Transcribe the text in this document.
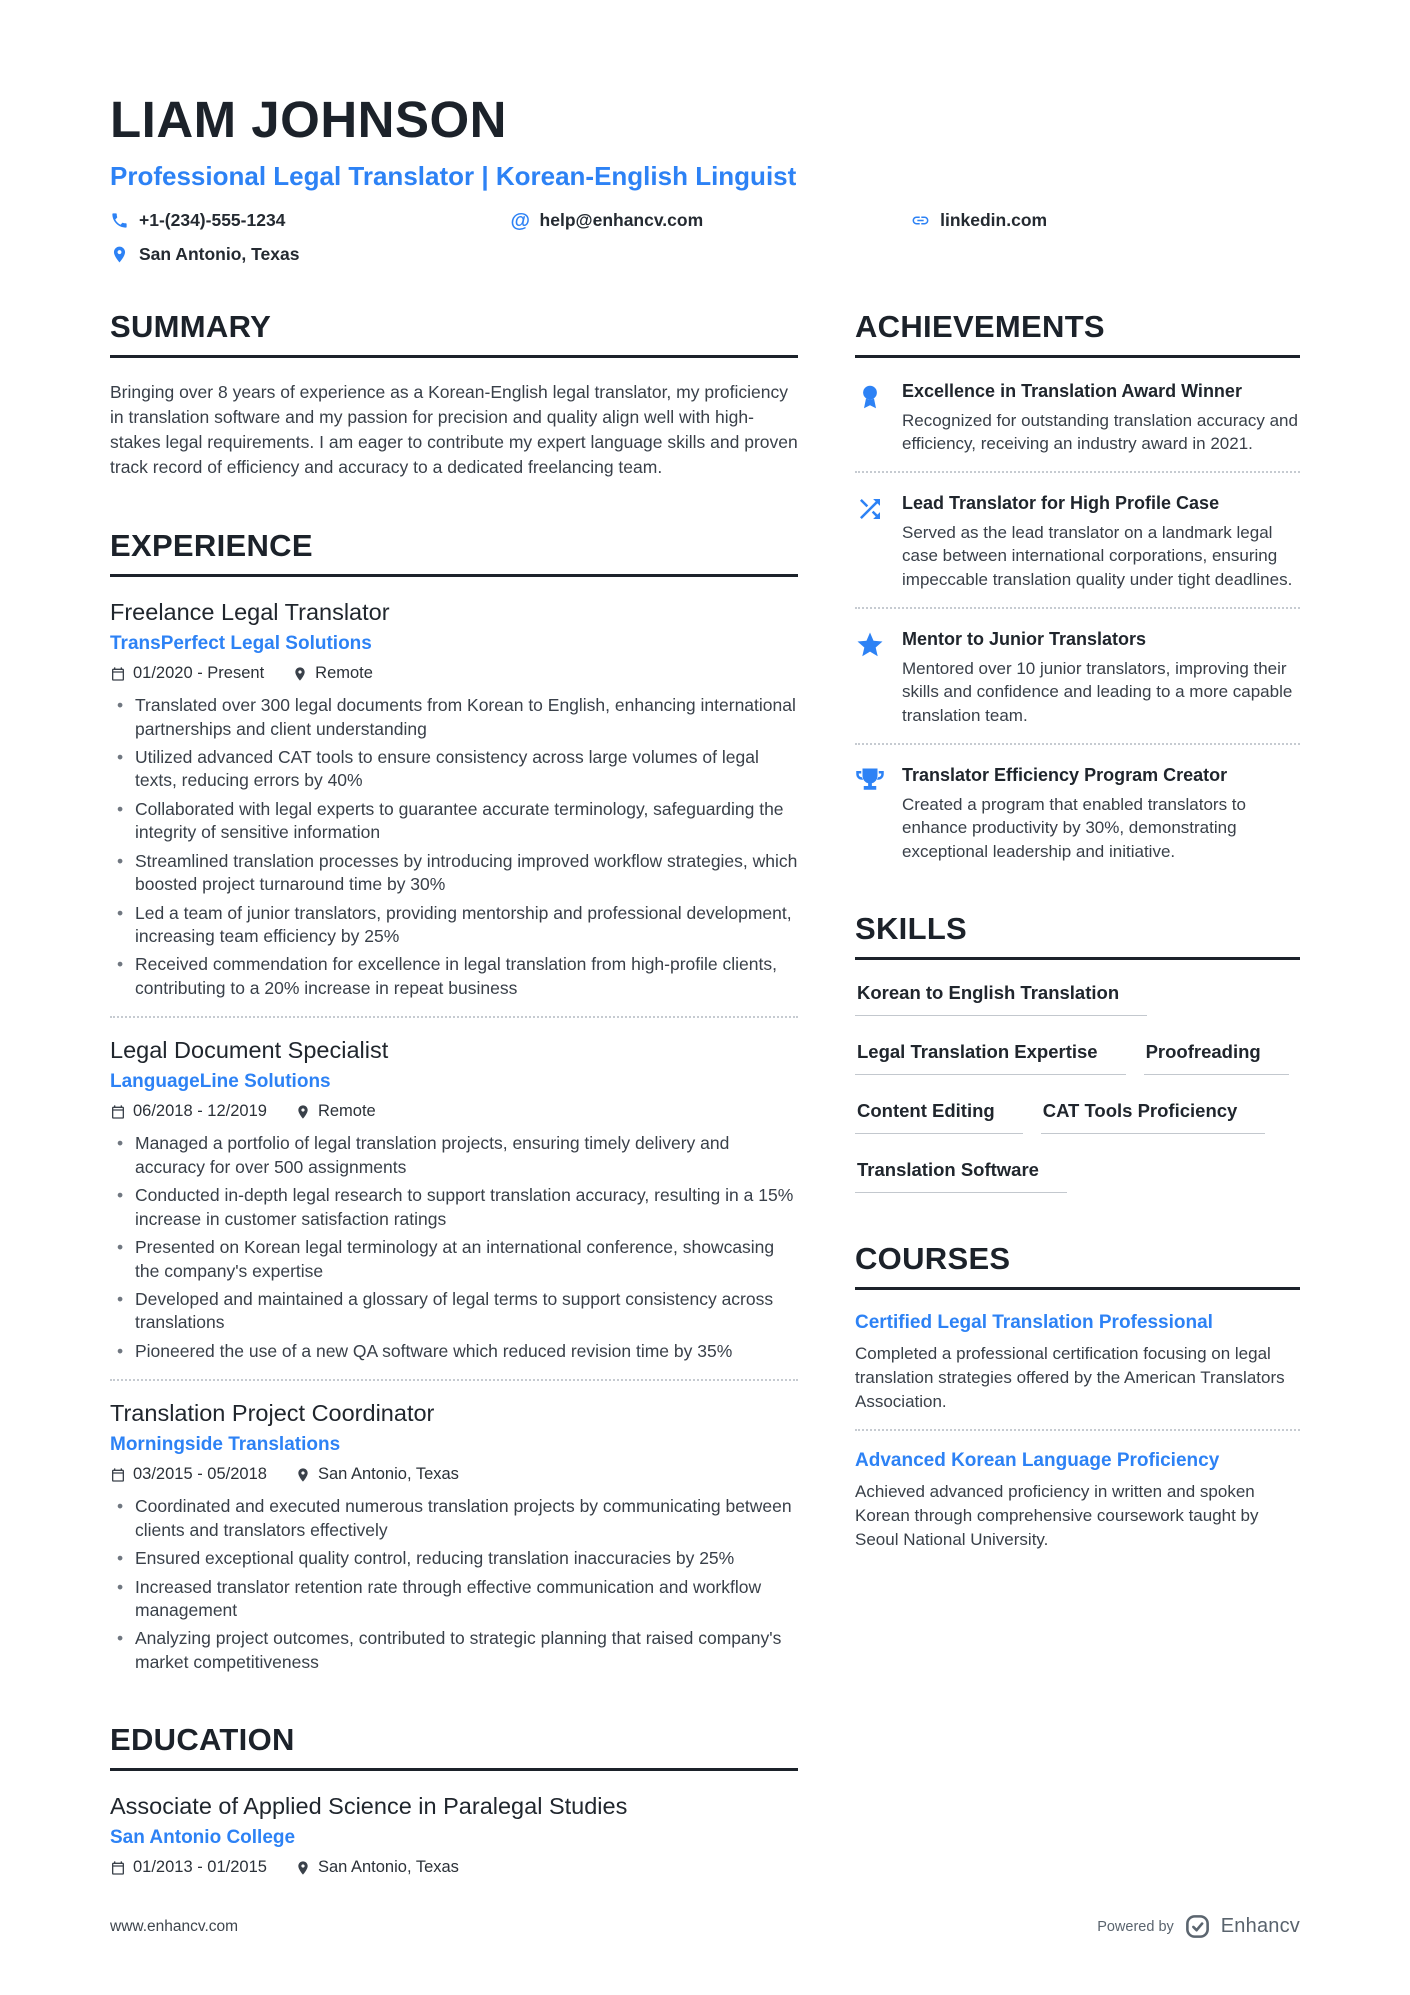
LIAM JOHNSON
Professional Legal Translator | Korean-English Linguist
+1-(234)-555-1234	@ help@enhancv.com	linkedin.com
San Antonio, Texas
SUMMARY

Bringing over 8 years of experience as a Korean-English legal translator, my proficiency in translation software and my passion for precision and quality align well with high-stakes legal requirements. I am eager to contribute my expert language skills and proven track record of efficiency and accuracy to a dedicated freelancing team.

EXPERIENCE
Freelance Legal Translator
TransPerfect Legal Solutions
01/2020 - Present	Remote
• Translated over 300 legal documents from Korean to English, enhancing international partnerships and client understanding
• Utilized advanced CAT tools to ensure consistency across large volumes of legal texts, reducing errors by 40%
• Collaborated with legal experts to guarantee accurate terminology, safeguarding the integrity of sensitive information
• Streamlined translation processes by introducing improved workflow strategies, which boosted project turnaround time by 30%
• Led a team of junior translators, providing mentorship and professional development, increasing team efficiency by 25%
• Received commendation for excellence in legal translation from high-profile clients, contributing to a 20% increase in repeat business
Legal Document Specialist
LanguageLine Solutions
06/2018 - 12/2019	Remote
• Managed a portfolio of legal translation projects, ensuring timely delivery and accuracy for over 500 assignments
• Conducted in-depth legal research to support translation accuracy, resulting in a 15% increase in customer satisfaction ratings
• Presented on Korean legal terminology at an international conference, showcasing the company's expertise
• Developed and maintained a glossary of legal terms to support consistency across translations
• Pioneered the use of a new QA software which reduced revision time by 35%
Translation Project Coordinator
Morningside Translations
03/2015 - 05/2018	San Antonio, Texas
• Coordinated and executed numerous translation projects by communicating between clients and translators effectively
• Ensured exceptional quality control, reducing translation inaccuracies by 25%
• Increased translator retention rate through effective communication and workflow management
• Analyzing project outcomes, contributed to strategic planning that raised company's market competitiveness
EDUCATION
Associate of Applied Science in Paralegal Studies
San Antonio College
01/2013 - 01/2015	San Antonio, Texas
ACHIEVEMENTS
Excellence in Translation Award Winner

Recognized for outstanding translation accuracy and efficiency, receiving an industry award in 2021.

Lead Translator for High Profile Case

Served as the lead translator on a landmark legal case between international corporations, ensuring impeccable translation quality under tight deadlines.

Mentor to Junior Translators

Mentored over 10 junior translators, improving their skills and confidence and leading to a more capable translation team.

Translator Efficiency Program Creator

Created a program that enabled translators to enhance productivity by 30%, demonstrating exceptional leadership and initiative.

SKILLS
Korean to English Translation
Legal Translation Expertise	Proofreading
Content Editing	CAT Tools Proficiency
Translation Software
COURSES
Certified Legal Translation Professional

Completed a professional certification focusing on legal translation strategies offered by the American Translators Association.

Advanced Korean Language Proficiency

Achieved advanced proficiency in written and spoken Korean through comprehensive coursework taught by Seoul National University.

www.enhancv.com	Powered by Enhancv
